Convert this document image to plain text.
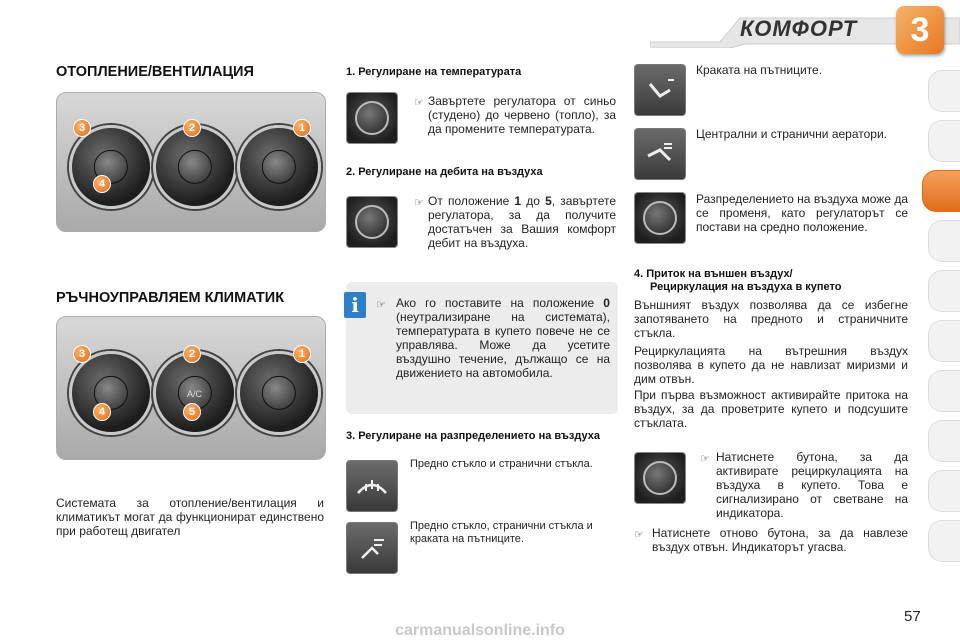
КОМФОРТ	3
ОТОПЛЕНИЕ/ВЕНТИЛАЦИЯ
3	2	1
4
РЪЧНОУПРАВЛЯЕМ КЛИМАТИК
A/C
3	2	1
4	5
Системата за отопление/вентилация и климатикът могат да функционират единствено при работещ двигател
1. Регулиране на температурата
☞ Завъртете регулатора от синьо (студено) до червено (топло), за да промените температурата.
2. Регулиране на дебита на въздуха
☞ От положение 1 до 5, завъртете регулатора, за да получите достатъчен за Вашия комфорт дебит на въздуха.
i	☞ Ако го поставите на положение 0 (неутрализиране на системата), температурата в купето повече не се управлява. Може да усетите въздушно течение, дължащо се на движението на автомобила.
3. Регулиране на разпределението на въздуха
Предно стъкло и странични стъкла.
Предно стъкло, странични стъкла и краката на пътниците.
Краката на пътниците.
Централни и странични аератори.
Разпределението на въздуха може да се променя, като регулаторът се постави на средно положение.
4. Приток на външен въздух/
Рециркулация на въздуха в купето
Външният въздух позволява да се избегне запотяването на предното и страничните стъкла.
Рециркулацията на вътрешния въздух позволява в купето да не навлизат миризми и дим отвън.
При първа възможност активирайте притока на въздух, за да проветрите купето и подсушите стъклата.
☞ Натиснете бутона, за да активирате рециркулацията на въздуха в купето. Това е сигнализирано от светване на индикатора.
☞ Натиснете отново бутона, за да навлезе въздух отвън. Индикаторът угасва.
57
carmanualsonline.info
